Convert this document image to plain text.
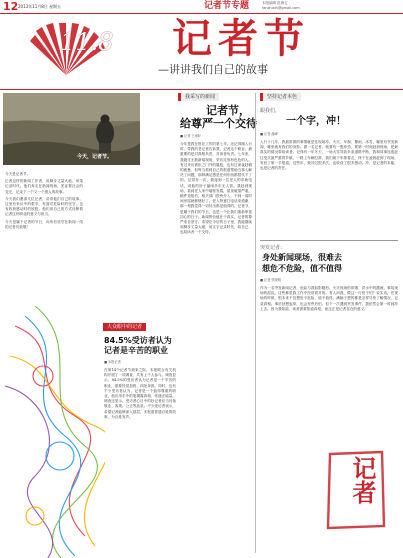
12 2013年11月8日 星期五	记者节专题	本版编辑 范海宝
fanzhixin@gmail.com
11.8 记者节
—讲讲我们自己的故事
今天，记者节。

今天是记者节。

记者这样的新闻工作者，用脚步丈量大地，用笔记录时代。他们奔走在新闻现场，见证着社会的变迁，记录下一个又一个感人的故事。

今天我们邀请几位记者，讲讲他们自己的故事。这里有采访中的艰辛，有面对危险时的坚守，也有收获感动时的欣慰。他们用自己的方式诠释着记者这份职业的意义与担当。

今天是属于记者的节日，向所有坚守在新闻一线的记者们致敬！

大众眼中的记者
84.5%受访者认为
记者是辛苦的职业
■ 本报记者
在第14个记者节到来之际，本报联合有关机构开展了一项调查，共有上千人参与。调查显示，84.5%的受访者认为记者是一个辛苦的职业，需要经常加班、四处奔波。同时，也有不少受访者认为，记者是一个值得尊重的职业，他们用手中的笔揭露真相、传递正能量。调查还显示，受访者心目中的好记者应当具备敬业、客观、公正等品质。不少受访者表示，希望记者能够深入基层，多报道普通百姓的故事，为百姓发声。
我采写的新闻
记者节，
给尊严一个交待
■ 记者 王雨轩
今年是我在报社工作的第七年。还记得刚入行时，带我的老记者告诉我，记者这个职业，最重要的是对真相负责，对读者负责。七年来，我跑过无数新闻现场，采访过形形色色的人。有过采访被拒之门外的尴尬，也有过深夜赶稿的疲惫，但每当看到自己的报道帮助当事人解决了问题，那种满足感是任何东西都替代不了的。记得有一次，我接到一位老人的求助电话，说他的房子漏雨多年无人管。我赶到现场，看到老人家中墙壁发霉，屋顶破损严重。稿件见报后，相关部门很快介入，不到一周时间房屋就修缮好了。老人特意打电话来道谢，那一刻我觉得一切付出都是值得的。记者节，是属于我们的节日，也是一个让我们重新审视初心的日子。新闻的价值在于真实，记者的尊严来自坚守。希望在今后的日子里，我能继续用脚步丈量大地，用文字记录时代，给自己、也给读者一个交待。
坚持记者本色
跟我们，
一个字，冲！
■ 记者 潘峰
入行十几年，我最常做的事情就是往现场冲。火灾、车祸、暴雨、冰雪，哪里有突发新闻，哪里就有我们的身影。做一名记者，就要有一股冲劲，要第一时间赶到现场，把最真实的情况带给读者。记得有一年冬天，一场大雪导致多条道路中断，我和同事连夜赶往受灾最严重的乡镇，一路上车辆打滑，我们就下车推着走，终于在凌晨赶到了现场，发回了第一手报道。这些年，我冲过很多次，也收获了很多感动。冲，是记者的本能，也是记者的责任。
突发记者：
身处新闻现场，很难去
想危不危险，值不值得
■ 记者 张晓明
作为一名突发新闻记者，危险与我如影随形。火灾现场的浓烟、洪水中的激流、事故现场的混乱，这些都是我工作中经常面对的。有人问我，做这一行怕不怕？说实话，在现场的时候，根本来不及想危不危险、值不值得，满脑子想的都是怎样尽快了解情况、记录真相。事后回想起来，也会有些后怕，但下一次遇到突发事件，我依然会第一时间冲上去。因为我知道，读者需要知道真相，而这正是记者存在的意义。
记者
